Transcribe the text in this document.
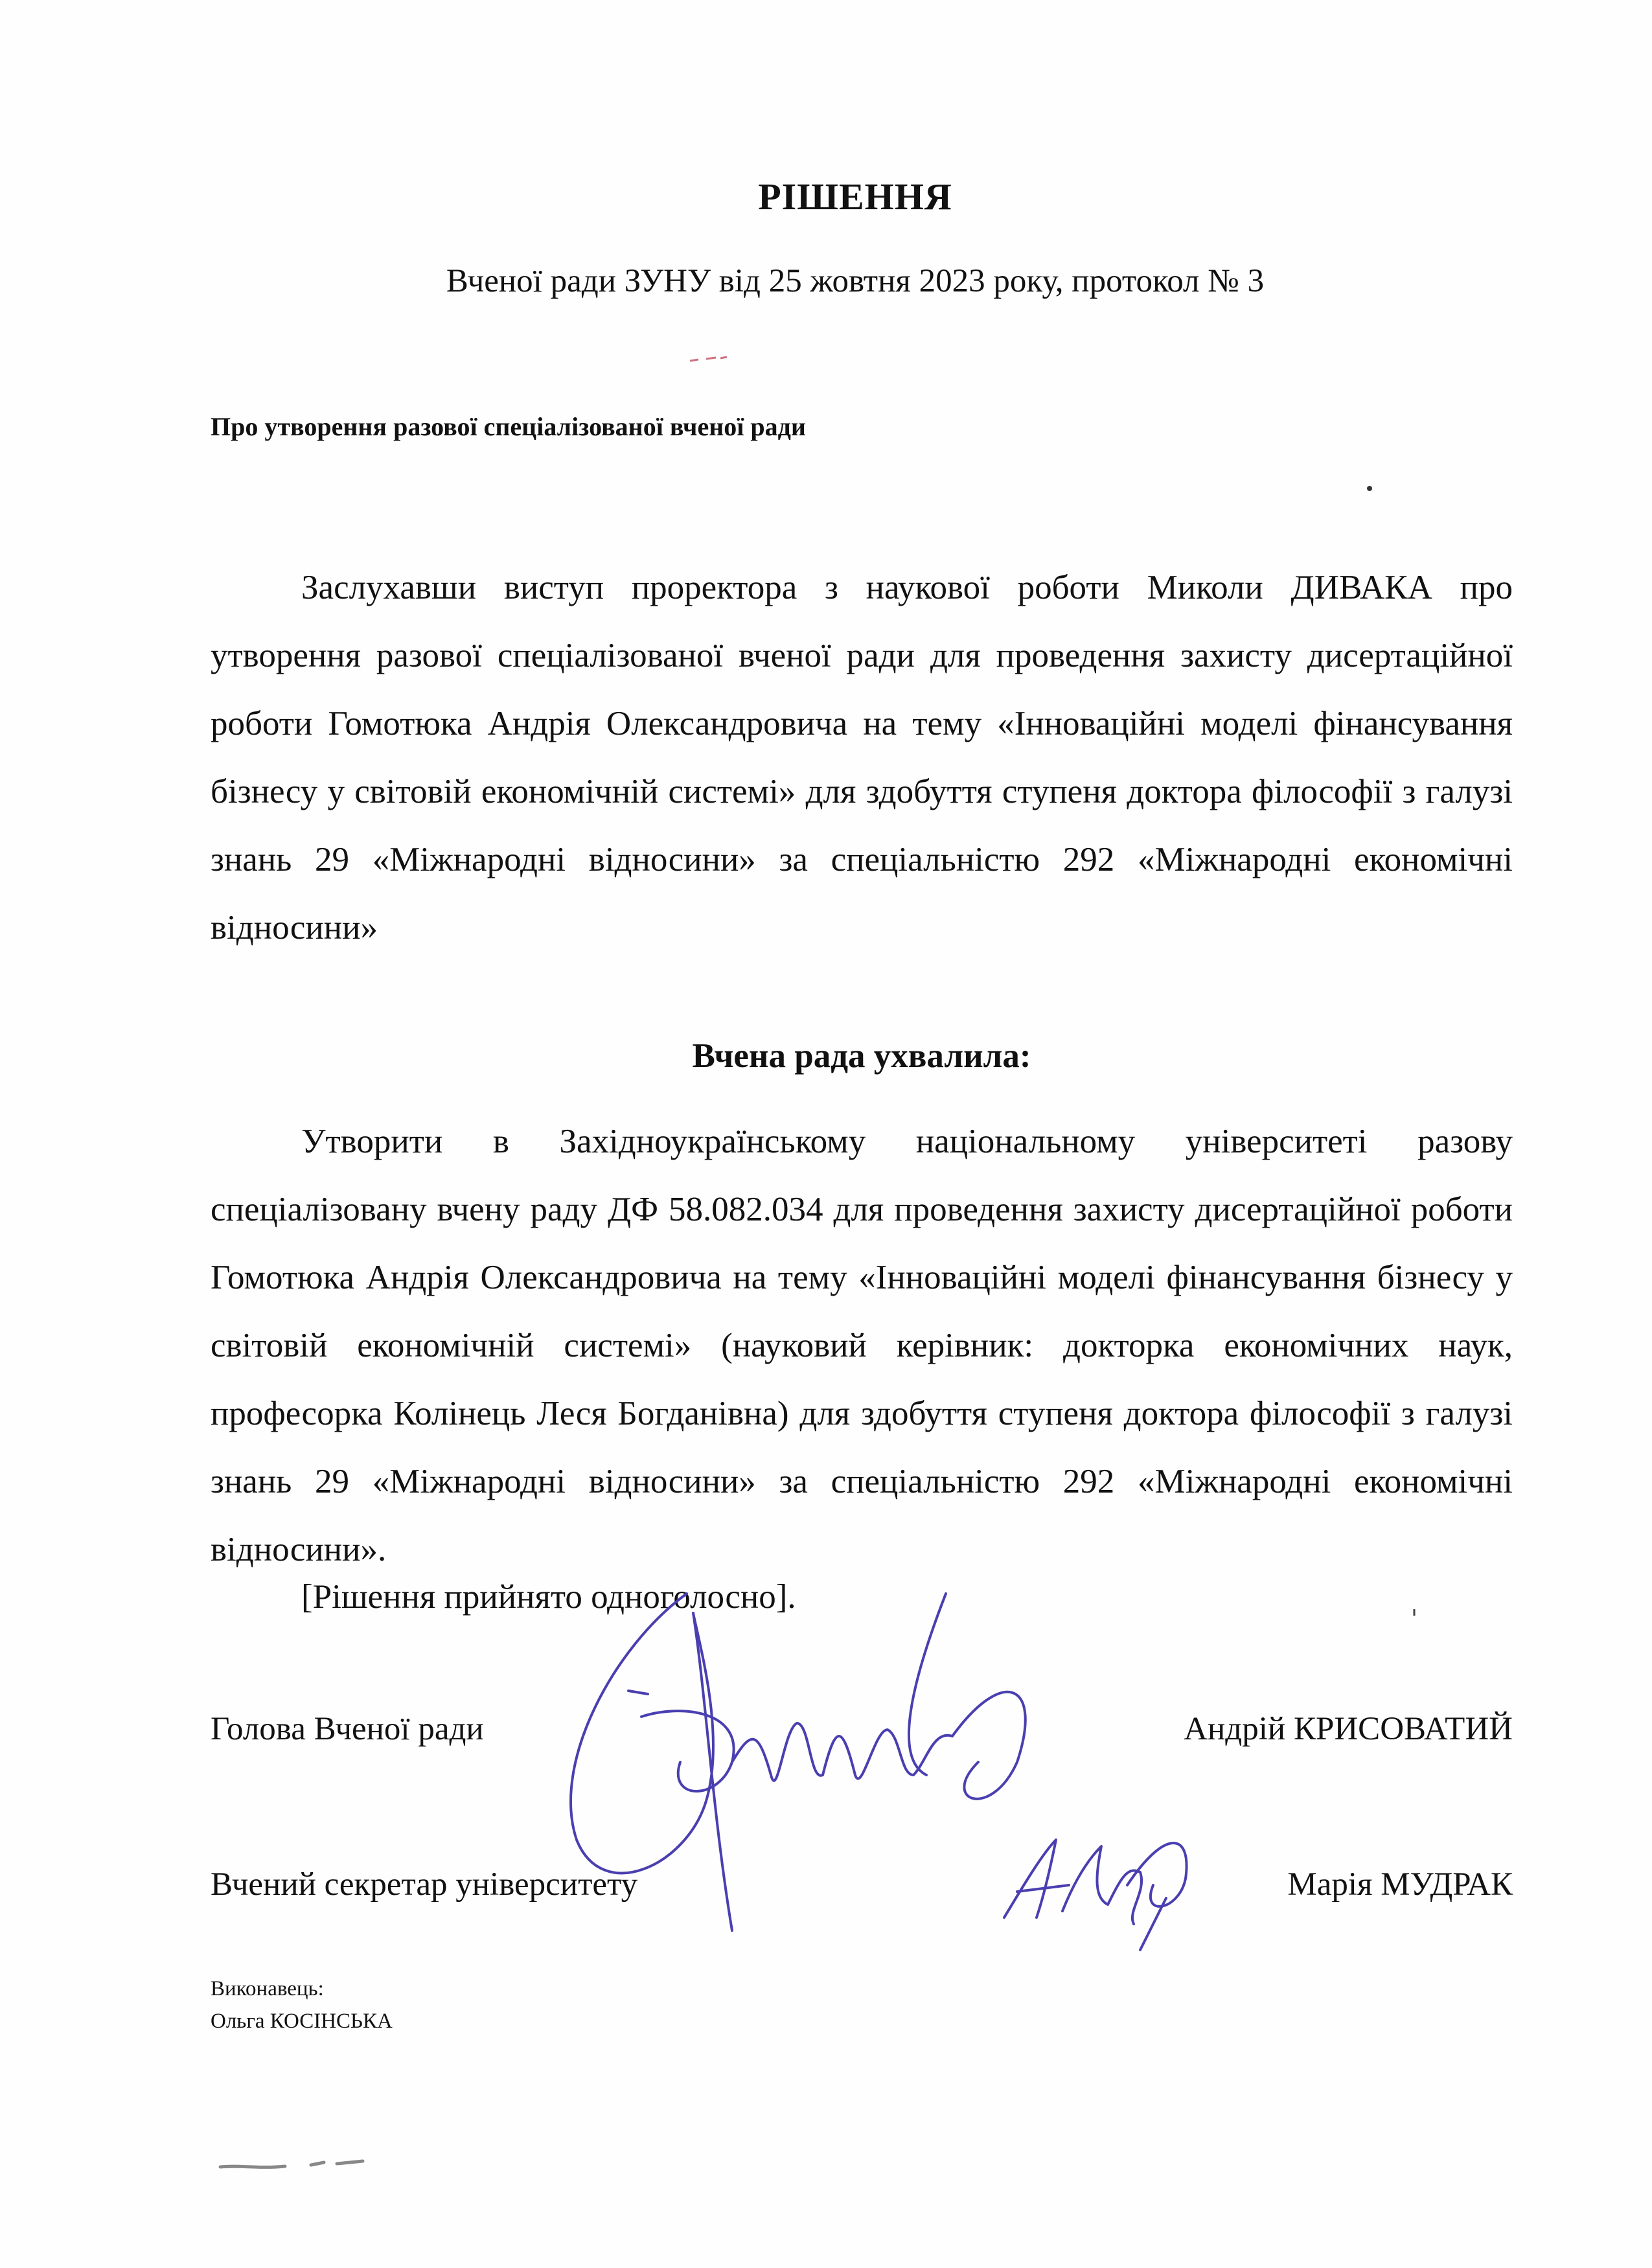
РІШЕННЯ
Вченої ради ЗУНУ від 25 жовтня 2023 року, протокол № 3
Про утворення разової спеціалізованої вченої ради
Заслухавши виступ проректора з наукової роботи Миколи ДИВАКА про утворення разової спеціалізованої вченої ради для проведення захисту дисертаційної роботи Гомотюка Андрія Олександровича на тему «Інноваційні моделі фінансування бізнесу у світовій економічній системі» для здобуття ступеня доктора філософії з галузі знань 29 «Міжнародні відносини» за спеціальністю 292 «Міжнародні економічні відносини»
Вчена рада ухвалила:
Утворити в Західноукраїнському національному університеті разову спеціалізовану вчену раду ДФ 58.082.034 для проведення захисту дисертаційної роботи Гомотюка Андрія Олександровича на тему «Інноваційні моделі фінансування бізнесу у світовій економічній системі» (науковий керівник: докторка економічних наук, професорка Колінець Леся Богданівна) для здобуття ступеня доктора філософії з галузі знань 29 «Міжнародні відносини» за спеціальністю 292 «Міжнародні економічні відносини».
[Рішення прийнято одноголосно].
Голова Вченої ради	Андрій КРИСОВАТИЙ
Вчений секретар університету	Марія МУДРАК
Виконавець:
Ольга КОСІНСЬКА
